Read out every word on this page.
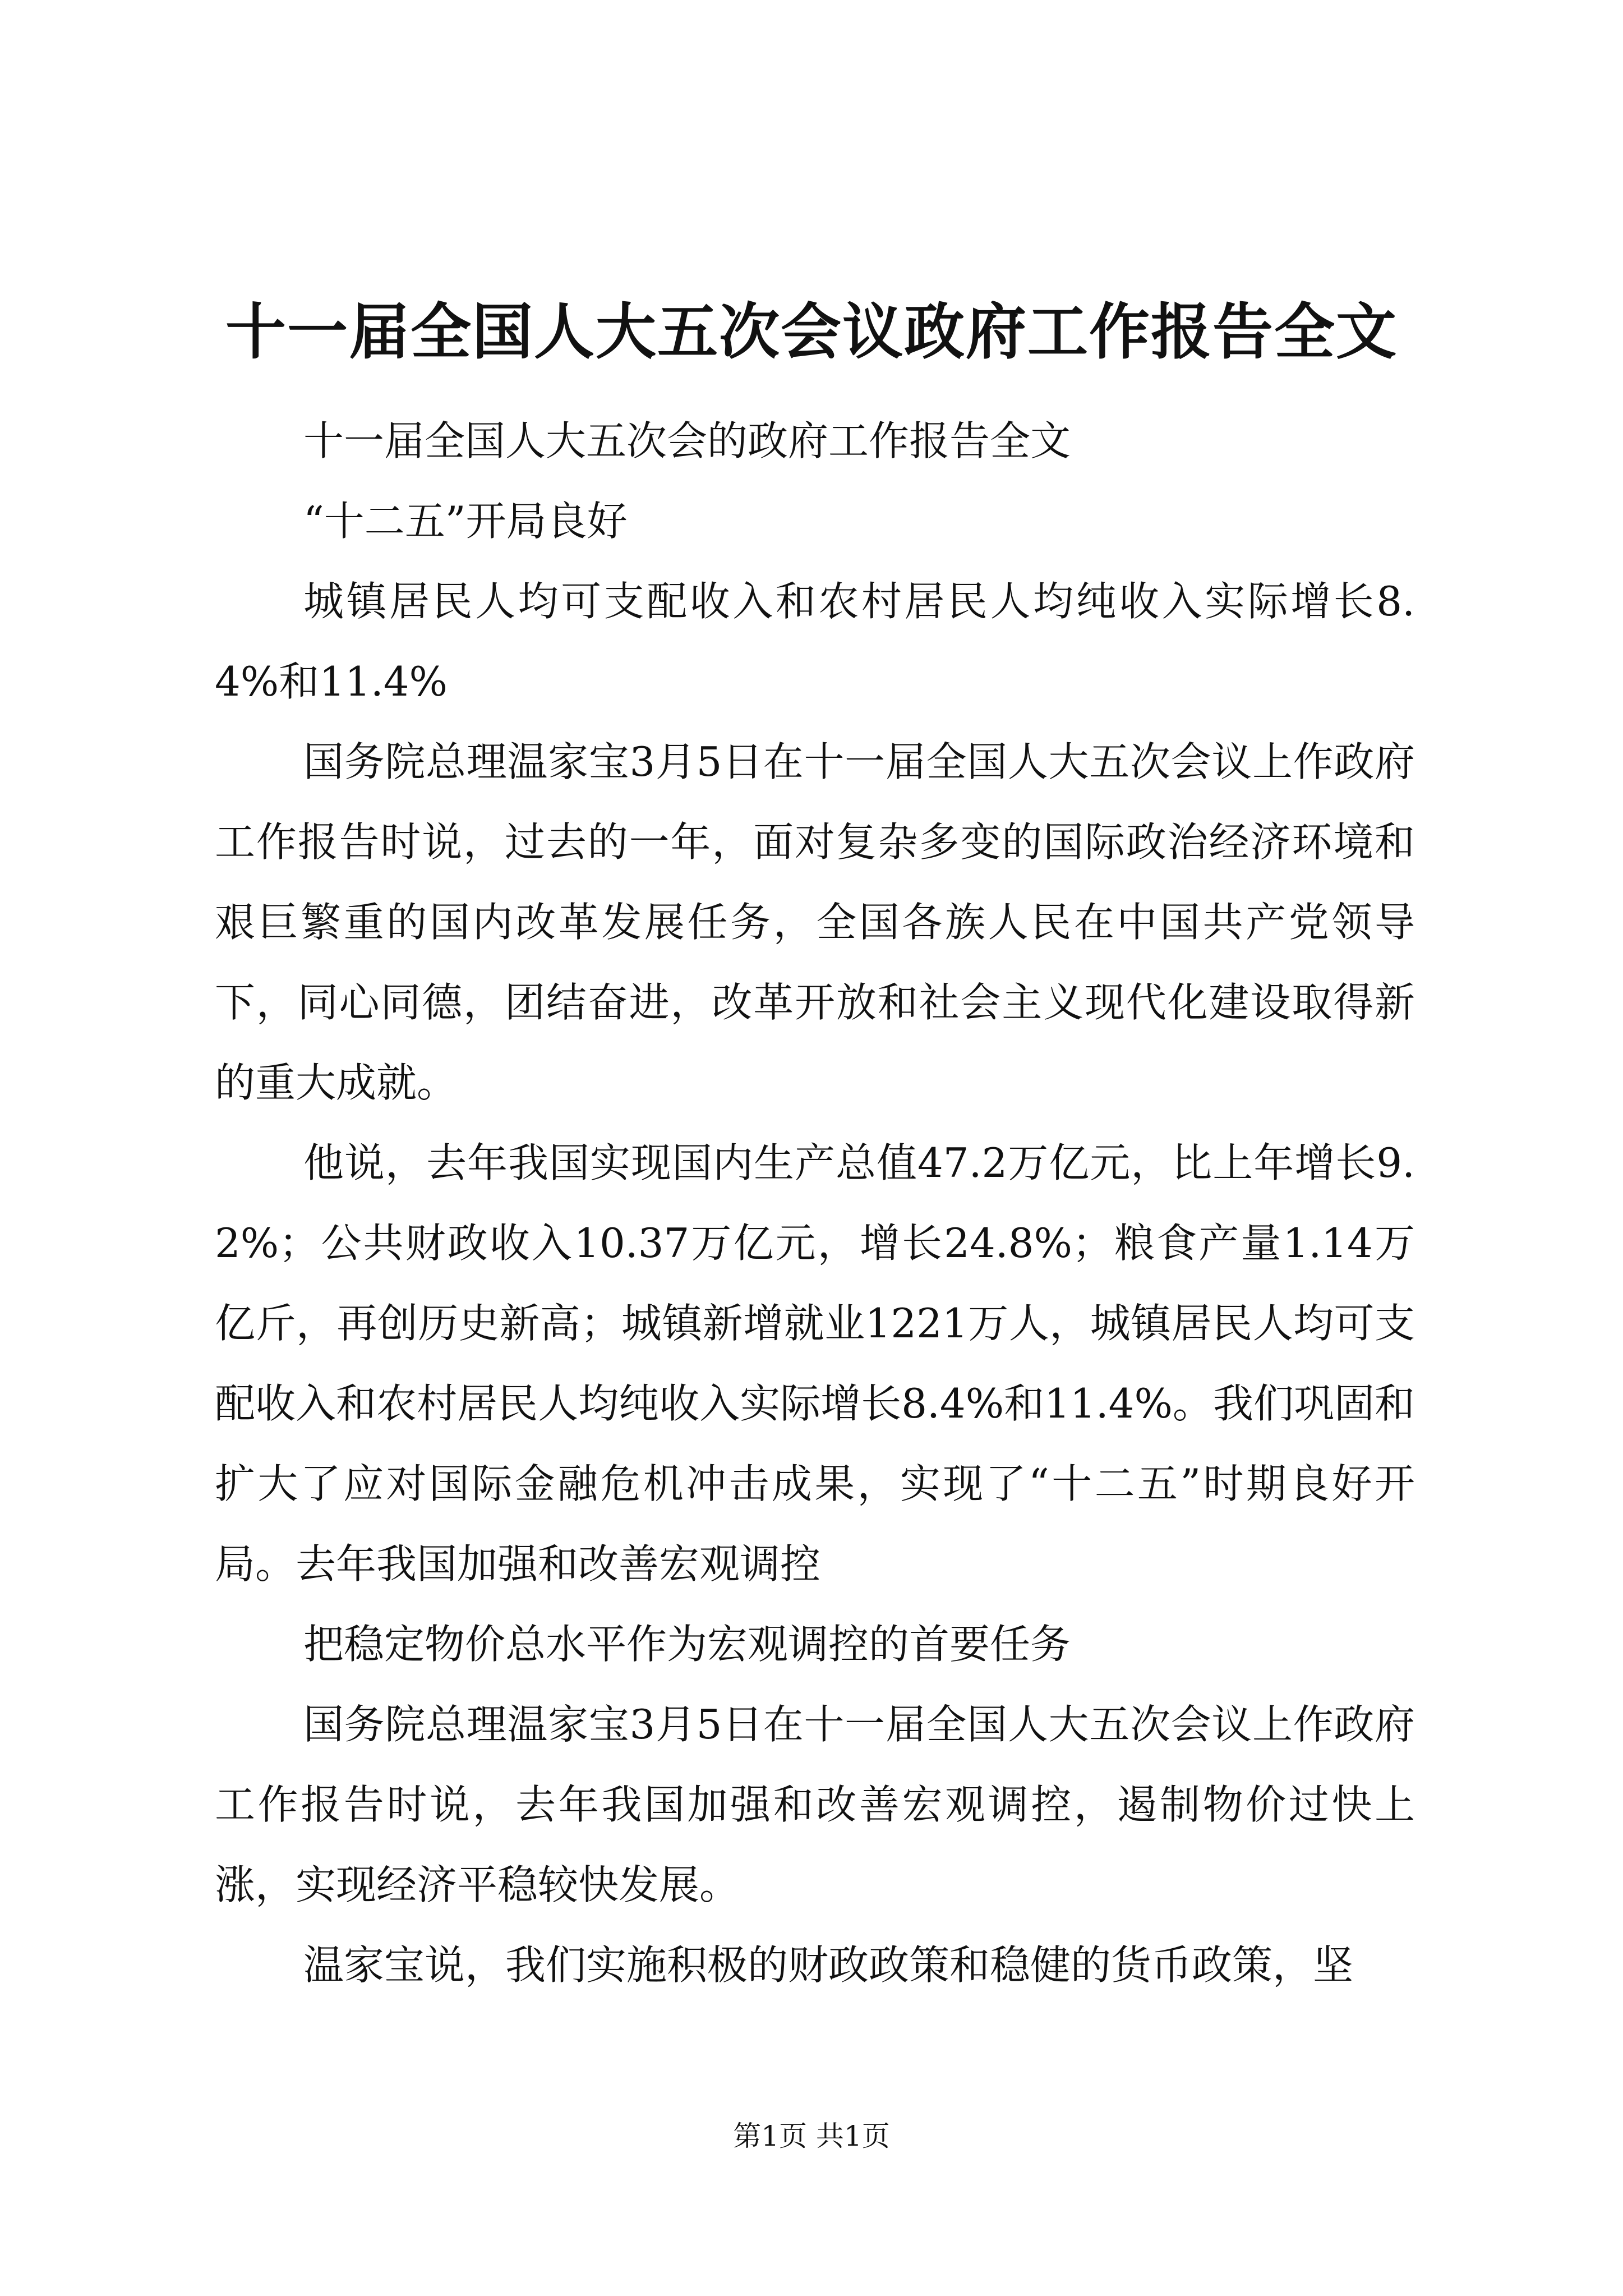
十一届全国人大五次会议政府工作报告全文

十一届全国人大五次会的政府工作报告全文

“十二五”开局良好

城镇居民人均可支配收入和农村居民人均纯收入实际增长8.4%和11.4%

国务院总理温家宝3月5日在十一届全国人大五次会议上作政府工作报告时说，过去的一年，面对复杂多变的国际政治经济环境和艰巨繁重的国内改革发展任务，全国各族人民在中国共产党领导下，同心同德，团结奋进，改革开放和社会主义现代化建设取得新的重大成就。

他说，去年我国实现国内生产总值47.2万亿元，比上年增长9.2%；公共财政收入10.37万亿元，增长24.8%；粮食产量1.14万亿斤，再创历史新高；城镇新增就业1221万人，城镇居民人均可支配收入和农村居民人均纯收入实际增长8.4%和11.4%。我们巩固和扩大了应对国际金融危机冲击成果，实现了“十二五”时期良好开局。去年我国加强和改善宏观调控

把稳定物价总水平作为宏观调控的首要任务

国务院总理温家宝3月5日在十一届全国人大五次会议上作政府工作报告时说，去年我国加强和改善宏观调控，遏制物价过快上涨，实现经济平稳较快发展。

温家宝说，我们实施积极的财政政策和稳健的货币政策，坚

第1页 共1页
